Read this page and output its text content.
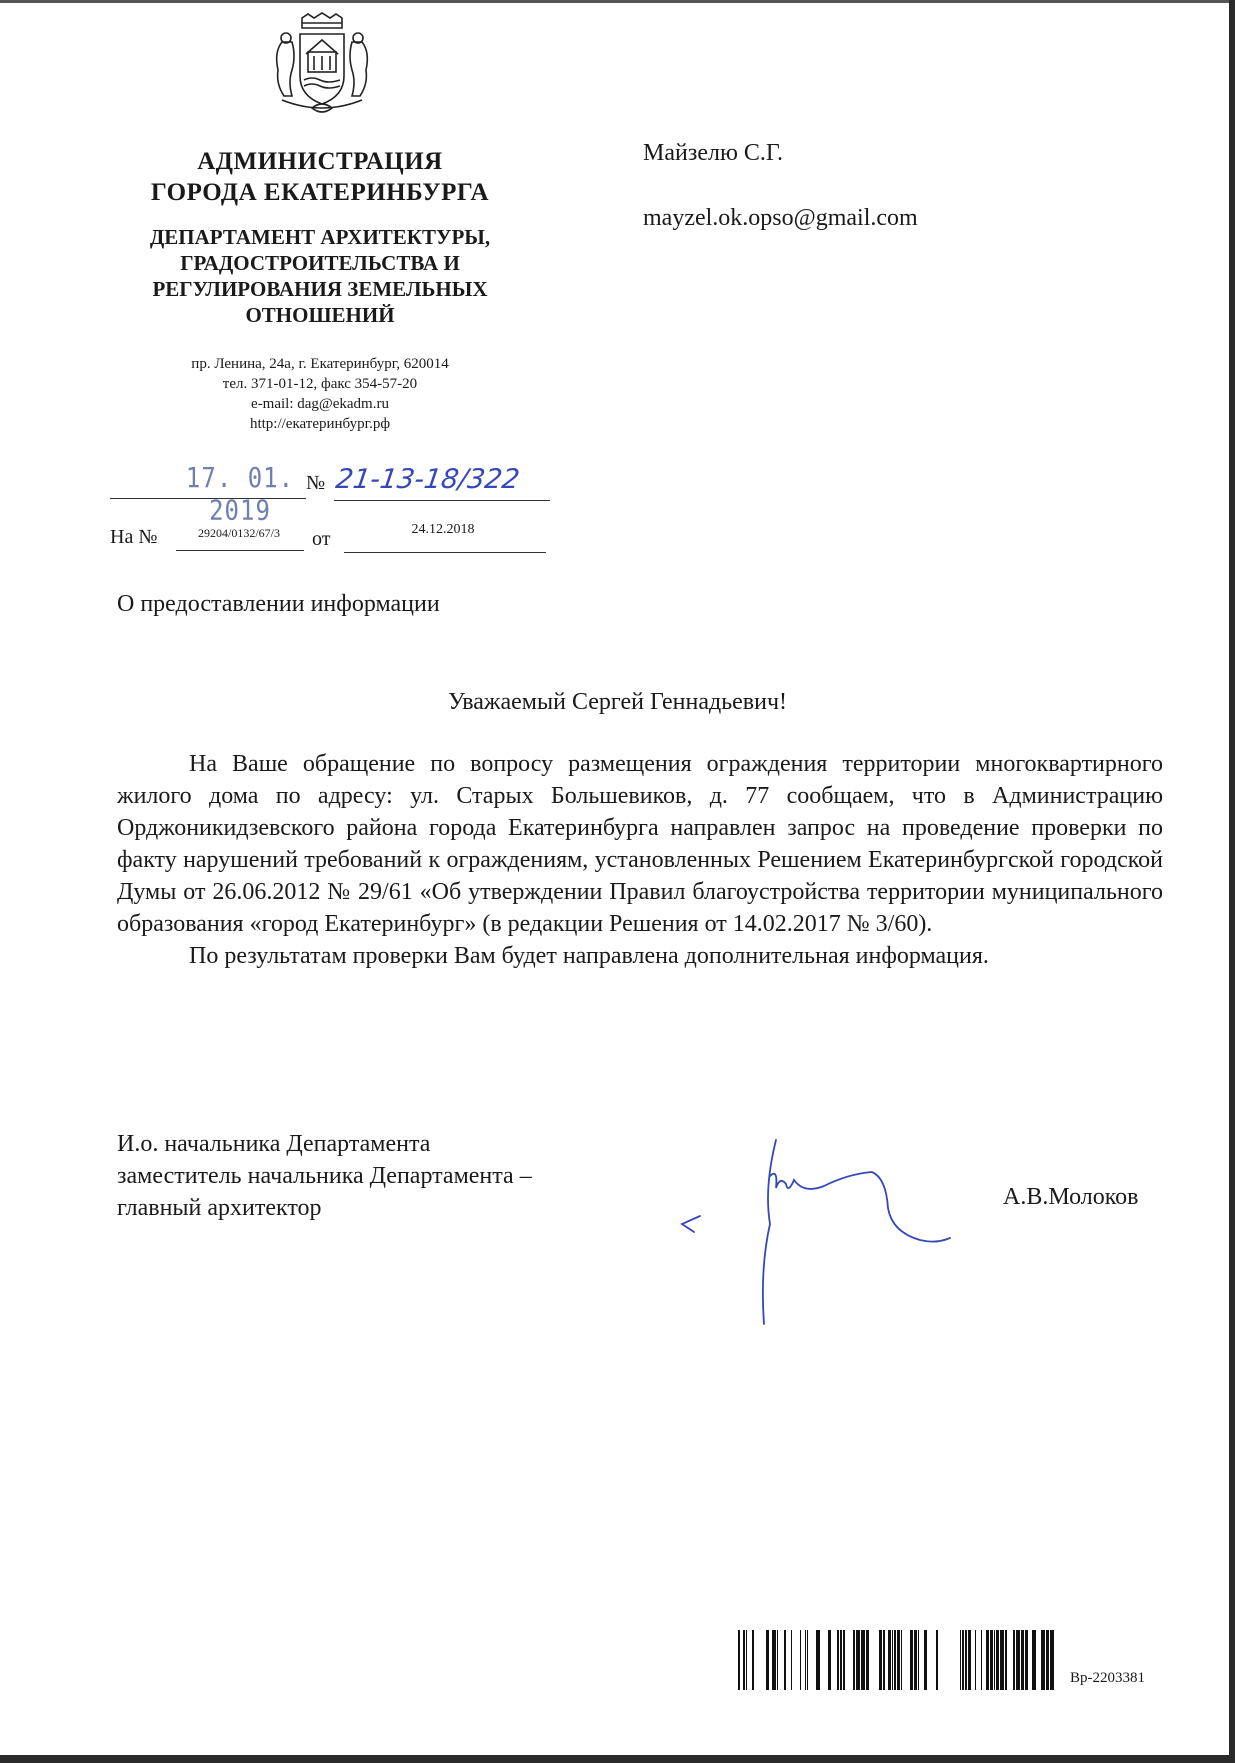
АДМИНИСТРАЦИЯ
ГОРОДА ЕКАТЕРИНБУРГА
ДЕПАРТАМЕНТ АРХИТЕКТУРЫ,
ГРАДОСТРОИТЕЛЬСТВА И
РЕГУЛИРОВАНИЯ ЗЕМЕЛЬНЫХ
ОТНОШЕНИЙ
пр. Ленина, 24а, г. Екатеринбург, 620014
тел. 371-01-12, факс 354-57-20
e-mail: dag@ekadm.ru
http://екатеринбург.рф
17. 01. 2019
№ 21-13-18/322
На №	29204/0132/67/3	от	24.12.2018
Майзелю С.Г.
mayzel.ok.opso@gmail.com
О предоставлении информации
Уважаемый Сергей Геннадьевич!

На Ваше обращение по вопросу размещения ограждения территории многоквартирного жилого дома по адресу: ул. Старых Большевиков, д. 77 сообщаем, что в Администрацию Орджоникидзевского района города Екатеринбурга направлен запрос на проведение проверки по факту нарушений требований к ограждениям, установленных Решением Екатеринбургской городской Думы от 26.06.2012 № 29/61 «Об утверждении Правил благоустройства территории муниципального образования «город Екатеринбург» (в редакции Решения от 14.02.2017 № 3/60).

По результатам проверки Вам будет направлена дополнительная информация.

И.о. начальника Департамента
заместитель начальника Департамента –
главный архитектор	А.В.Молоков
Вр-2203381
